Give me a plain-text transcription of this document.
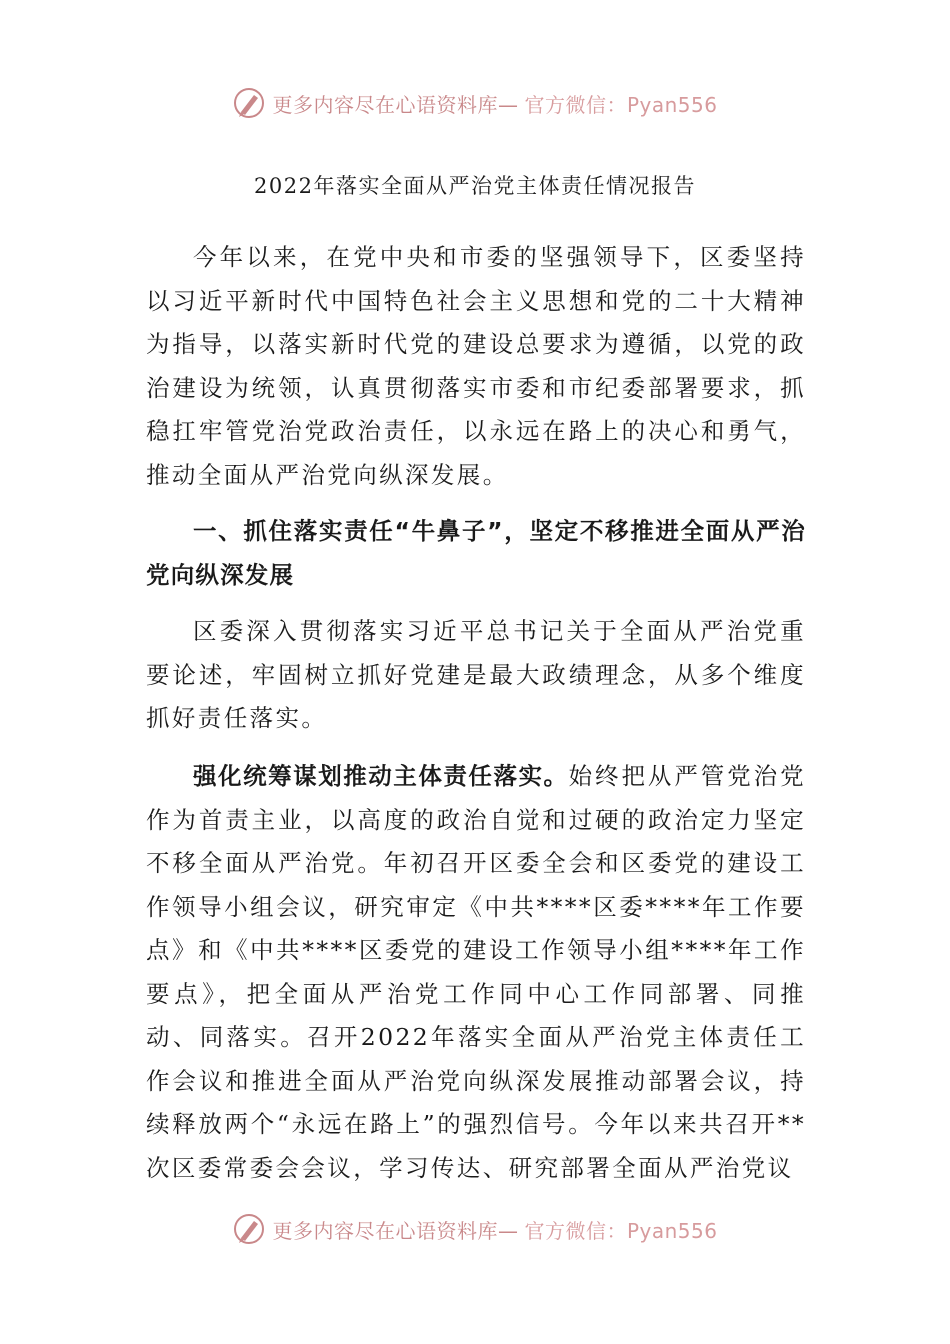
更多内容尽在心语资料库— 官方微信：Pyan556
2022年落实全面从严治党主体责任情况报告

今年以来，在党中央和市委的坚强领导下，区委坚持以习近平新时代中国特色社会主义思想和党的二十大精神为指导，以落实新时代党的建设总要求为遵循，以党的政治建设为统领，认真贯彻落实市委和市纪委部署要求，抓稳扛牢管党治党政治责任，以永远在路上的决心和勇气，推动全面从严治党向纵深发展。

一、抓住落实责任“牛鼻子”，坚定不移推进全面从严治党向纵深发展

区委深入贯彻落实习近平总书记关于全面从严治党重要论述，牢固树立抓好党建是最大政绩理念，从多个维度抓好责任落实。

强化统筹谋划推动主体责任落实。始终把从严管党治党作为首责主业，以高度的政治自觉和过硬的政治定力坚定不移全面从严治党。年初召开区委全会和区委党的建设工作领导小组会议，研究审定《中共****区委****年工作要点》和《中共****区委党的建设工作领导小组****年工作要点》，把全面从严治党工作同中心工作同部署、同推动、同落实。召开2022年落实全面从严治党主体责任工作会议和推进全面从严治党向纵深发展推动部署会议，持续释放两个“永远在路上”的强烈信号。今年以来共召开**次区委常委会会议，学习传达、研究部署全面从严治党议

更多内容尽在心语资料库— 官方微信：Pyan556
